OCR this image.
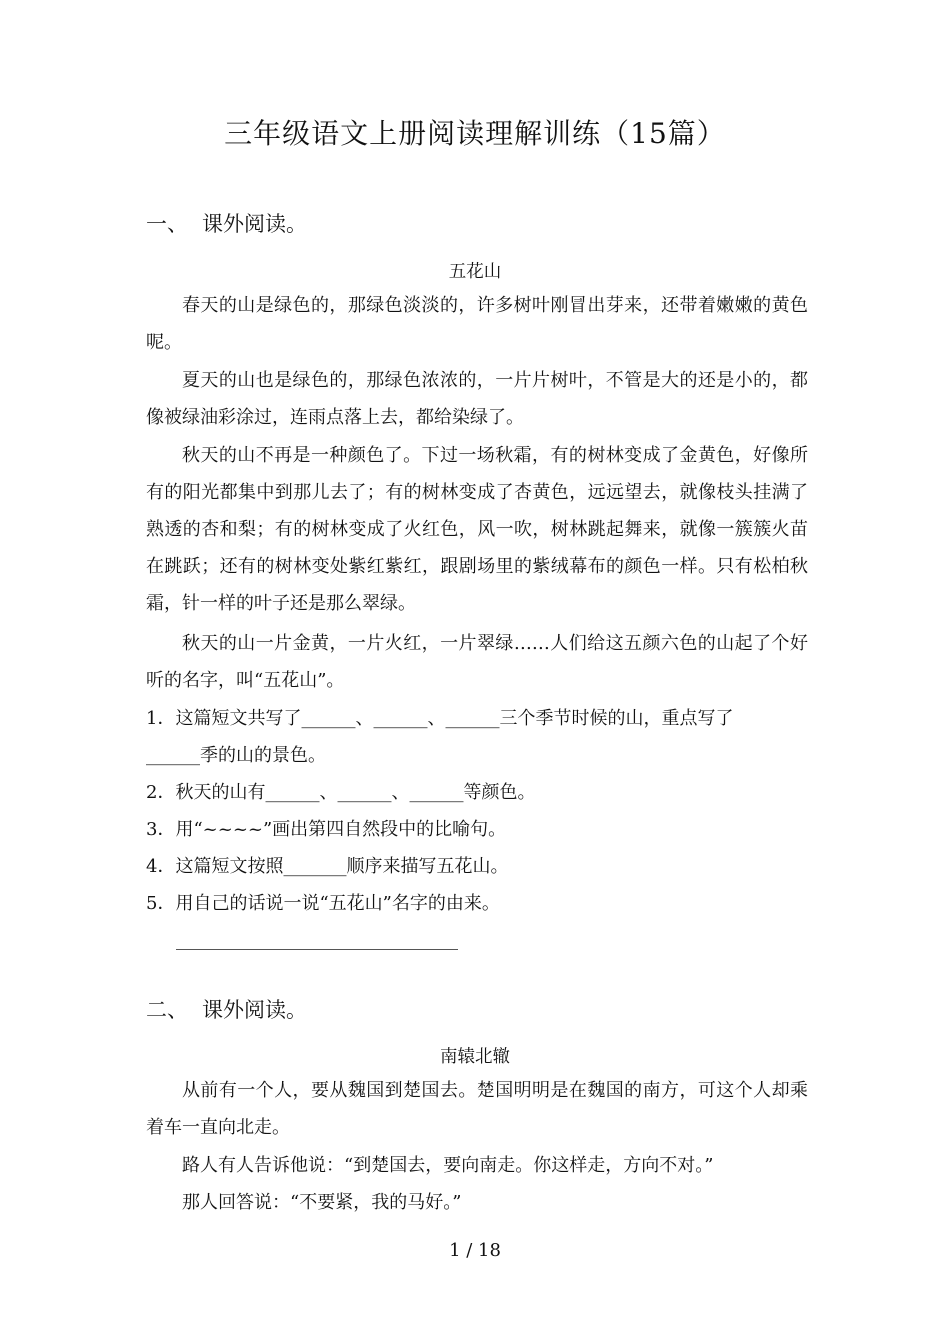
三年级语文上册阅读理解训练（15篇）
一、 课外阅读。
五花山
春天的山是绿色的，那绿色淡淡的，许多树叶刚冒出芽来，还带着嫩嫩的黄色呢。
夏天的山也是绿色的，那绿色浓浓的，一片片树叶，不管是大的还是小的，都像被绿油彩涂过，连雨点落上去，都给染绿了。
秋天的山不再是一种颜色了。下过一场秋霜，有的树林变成了金黄色，好像所有的阳光都集中到那儿去了；有的树林变成了杏黄色，远远望去，就像枝头挂满了熟透的杏和梨；有的树林变成了火红色，风一吹，树林跳起舞来，就像一簇簇火苗在跳跃；还有的树林变处紫红紫红，跟剧场里的紫绒幕布的颜色一样。只有松柏秋霜，针一样的叶子还是那么翠绿。
秋天的山一片金黄，一片火红，一片翠绿……人们给这五颜六色的山起了个好听的名字，叫“五花山”。
1．这篇短文共写了______、______、______三个季节时候的山，重点写了
______季的山的景色。
2．秋天的山有______、______、______等颜色。
3．用“~~~~”画出第四自然段中的比喻句。
4．这篇短文按照_______顺序来描写五花山。
5．用自己的话说一说“五花山”名字的由来。
二、 课外阅读。
南辕北辙
从前有一个人，要从魏国到楚国去。楚国明明是在魏国的南方，可这个人却乘着车一直向北走。
路人有人告诉他说：“到楚国去，要向南走。你这样走，方向不对。”
那人回答说：“不要紧，我的马好。”
1 / 18
